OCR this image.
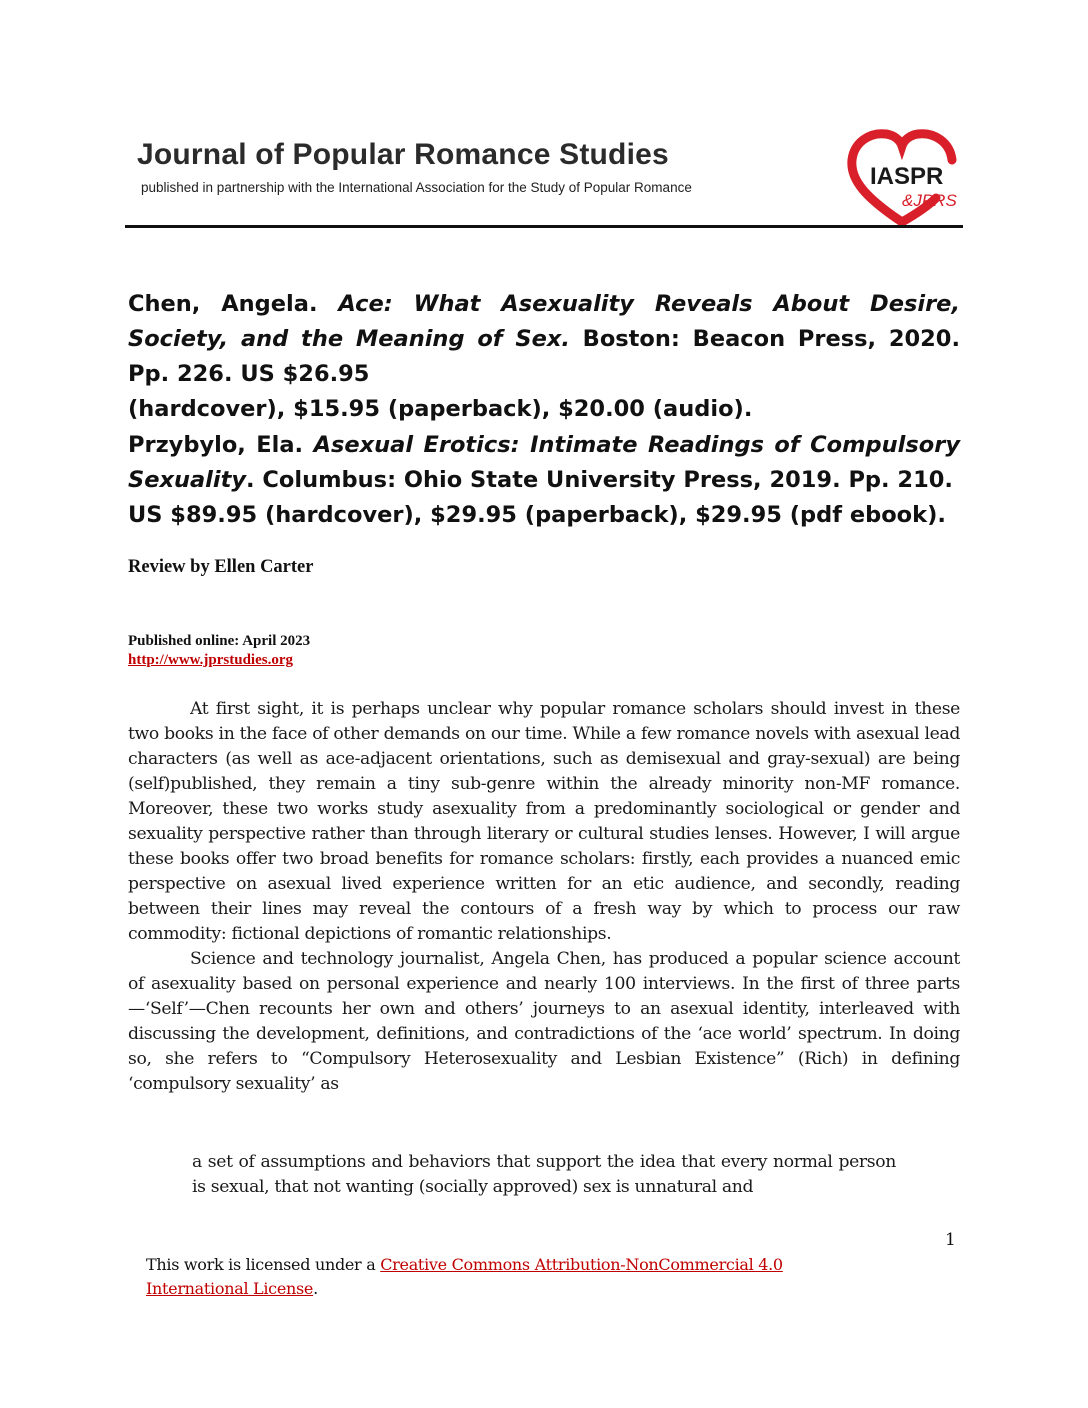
Journal of Popular Romance Studies
published in partnership with the International Association for the Study of Popular Romance	IASPR
&JPRS
Chen, Angela. Ace: What Asexuality Reveals About Desire, Society, and the Meaning of Sex. Boston: Beacon Press, 2020. Pp. 226. US $26.95
(hardcover), $15.95 (paperback), $20.00 (audio).
Przybylo, Ela. Asexual Erotics: Intimate Readings of Compulsory Sexuality. Columbus: Ohio State University Press, 2019. Pp. 210.
US $89.95 (hardcover), $29.95 (paperback), $29.95 (pdf ebook).
Review by Ellen Carter
Published online: April 2023
http://www.jprstudies.org

At first sight, it is perhaps unclear why popular romance scholars should invest in these two books in the face of other demands on our time. While a few romance novels with asexual lead characters (as well as ace-adjacent orientations, such as demisexual and gray-sexual) are being (self)published, they remain a tiny sub-genre within the already minority non-MF romance. Moreover, these two works study asexuality from a predominantly sociological or gender and sexuality perspective rather than through literary or cultural studies lenses. However, I will argue these books offer two broad benefits for romance scholars: firstly, each provides a nuanced emic perspective on asexual lived experience written for an etic audience, and secondly, reading between their lines may reveal the contours of a fresh way by which to process our raw commodity: fictional depictions of romantic relationships.

Science and technology journalist, Angela Chen, has produced a popular science account of asexuality based on personal experience and nearly 100 interviews. In the first of three parts—‘Self’—Chen recounts her own and others’ journeys to an asexual identity, interleaved with discussing the development, definitions, and contradictions of the ‘ace world’ spectrum. In doing so, she refers to “Compulsory Heterosexuality and Lesbian Existence” (Rich) in defining ‘compulsory sexuality’ as

a set of assumptions and behaviors that support the idea that every normal person is sexual, that not wanting (socially approved) sex is unnatural and
1
This work is licensed under a Creative Commons Attribution-NonCommercial 4.0 International License.
